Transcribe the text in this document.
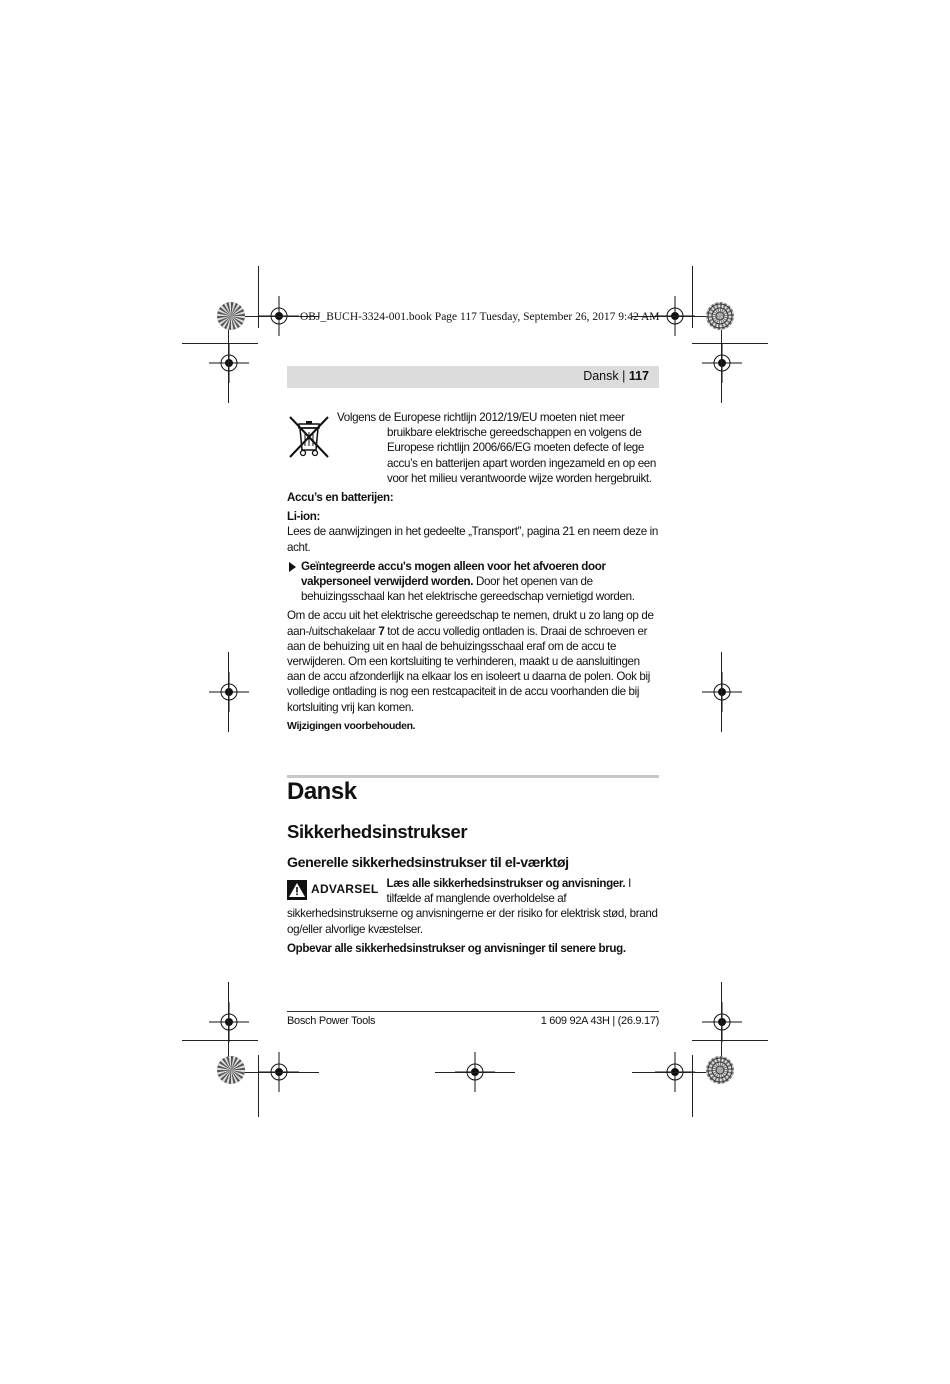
OBJ_BUCH-3324-001.book Page 117 Tuesday, September 26, 2017 9:42 AM
Dansk | 117

Volgens de Europese richtlijn 2012/19/EU moeten niet meer bruikbare elektrische gereedschappen en volgens de Europese richtlijn 2006/66/EG moeten defecte of lege accu’s en batterijen apart worden ingezameld en op een voor het milieu verantwoorde wijze worden hergebruikt.

Accu’s en batterijen:

Li-ion:

Lees de aanwijzingen in het gedeelte „Transport”, pagina 21 en neem deze in acht.

Geïntegreerde accu's mogen alleen voor het afvoeren door vakpersoneel verwijderd worden. Door het openen van de behuizingsschaal kan het elektrische gereedschap vernietigd worden.

Om de accu uit het elektrische gereedschap te nemen, drukt u zo lang op de aan-/uitschakelaar 7 tot de accu volledig ontladen is. Draai de schroeven er aan de behuizing uit en haal de behuizingsschaal eraf om de accu te verwijderen. Om een kortsluiting te verhinderen, maakt u de aansluitingen aan de accu afzonderlijk na elkaar los en isoleert u daarna de polen. Ook bij volledige ontlading is nog een restcapaciteit in de accu voorhanden die bij kortsluiting vrij kan komen.

Wijzigingen voorbehouden.

Dansk
Sikkerhedsinstrukser
Generelle sikkerhedsinstrukser til el-værktøj
ADVARSEL Læs alle sikkerhedsinstrukser og anvisninger. I tilfælde af manglende overholdelse af sikkerhedsinstrukserne og anvisningerne er der risiko for elektrisk stød, brand og/eller alvorlige kvæstelser.

Opbevar alle sikkerhedsinstrukser og anvisninger til senere brug.

Bosch Power Tools	1 609 92A 43H | (26.9.17)
